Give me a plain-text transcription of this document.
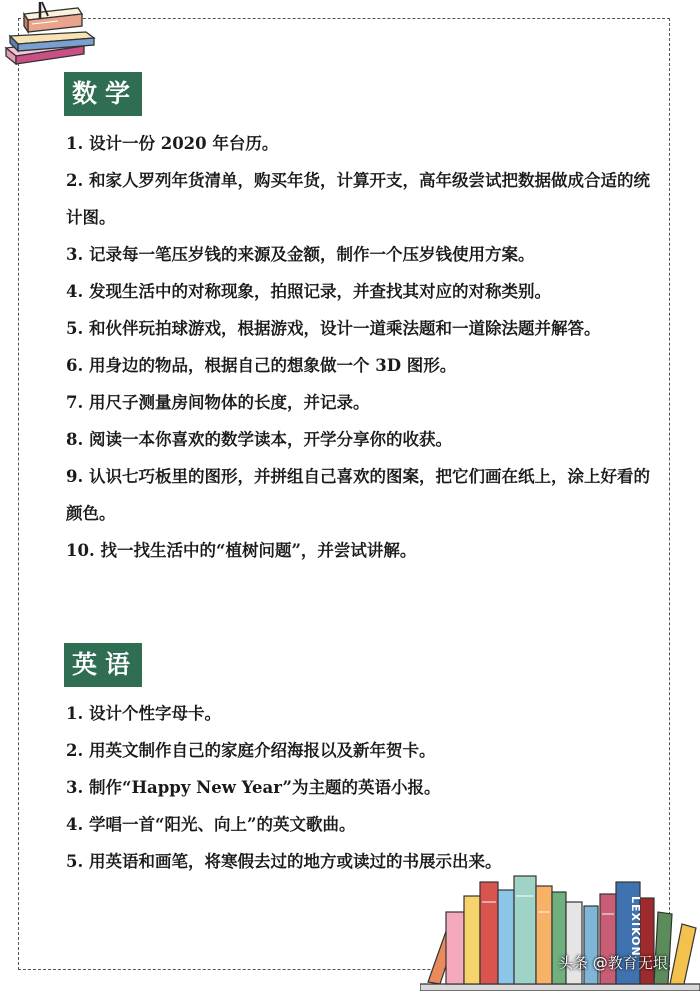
数学
1. 设计一份 2020 年台历。
2. 和家人罗列年货清单，购买年货，计算开支，高年级尝试把数据做成合适的统计图。
3. 记录每一笔压岁钱的来源及金额，制作一个压岁钱使用方案。
4. 发现生活中的对称现象，拍照记录，并查找其对应的对称类别。
5. 和伙伴玩拍球游戏，根据游戏，设计一道乘法题和一道除法题并解答。
6. 用身边的物品，根据自己的想象做一个 3D 图形。
7. 用尺子测量房间物体的长度，并记录。
8. 阅读一本你喜欢的数学读本，开学分享你的收获。
9. 认识七巧板里的图形，并拼组自己喜欢的图案，把它们画在纸上，涂上好看的颜色。
10. 找一找生活中的“植树问题”，并尝试讲解。
英语
1. 设计个性字母卡。
2. 用英文制作自己的家庭介绍海报以及新年贺卡。
3. 制作“Happy New Year”为主题的英语小报。
4. 学唱一首“阳光、向上”的英文歌曲。
5. 用英语和画笔，将寒假去过的地方或读过的书展示出来。
LEXIKON
头条 @教育无垠
